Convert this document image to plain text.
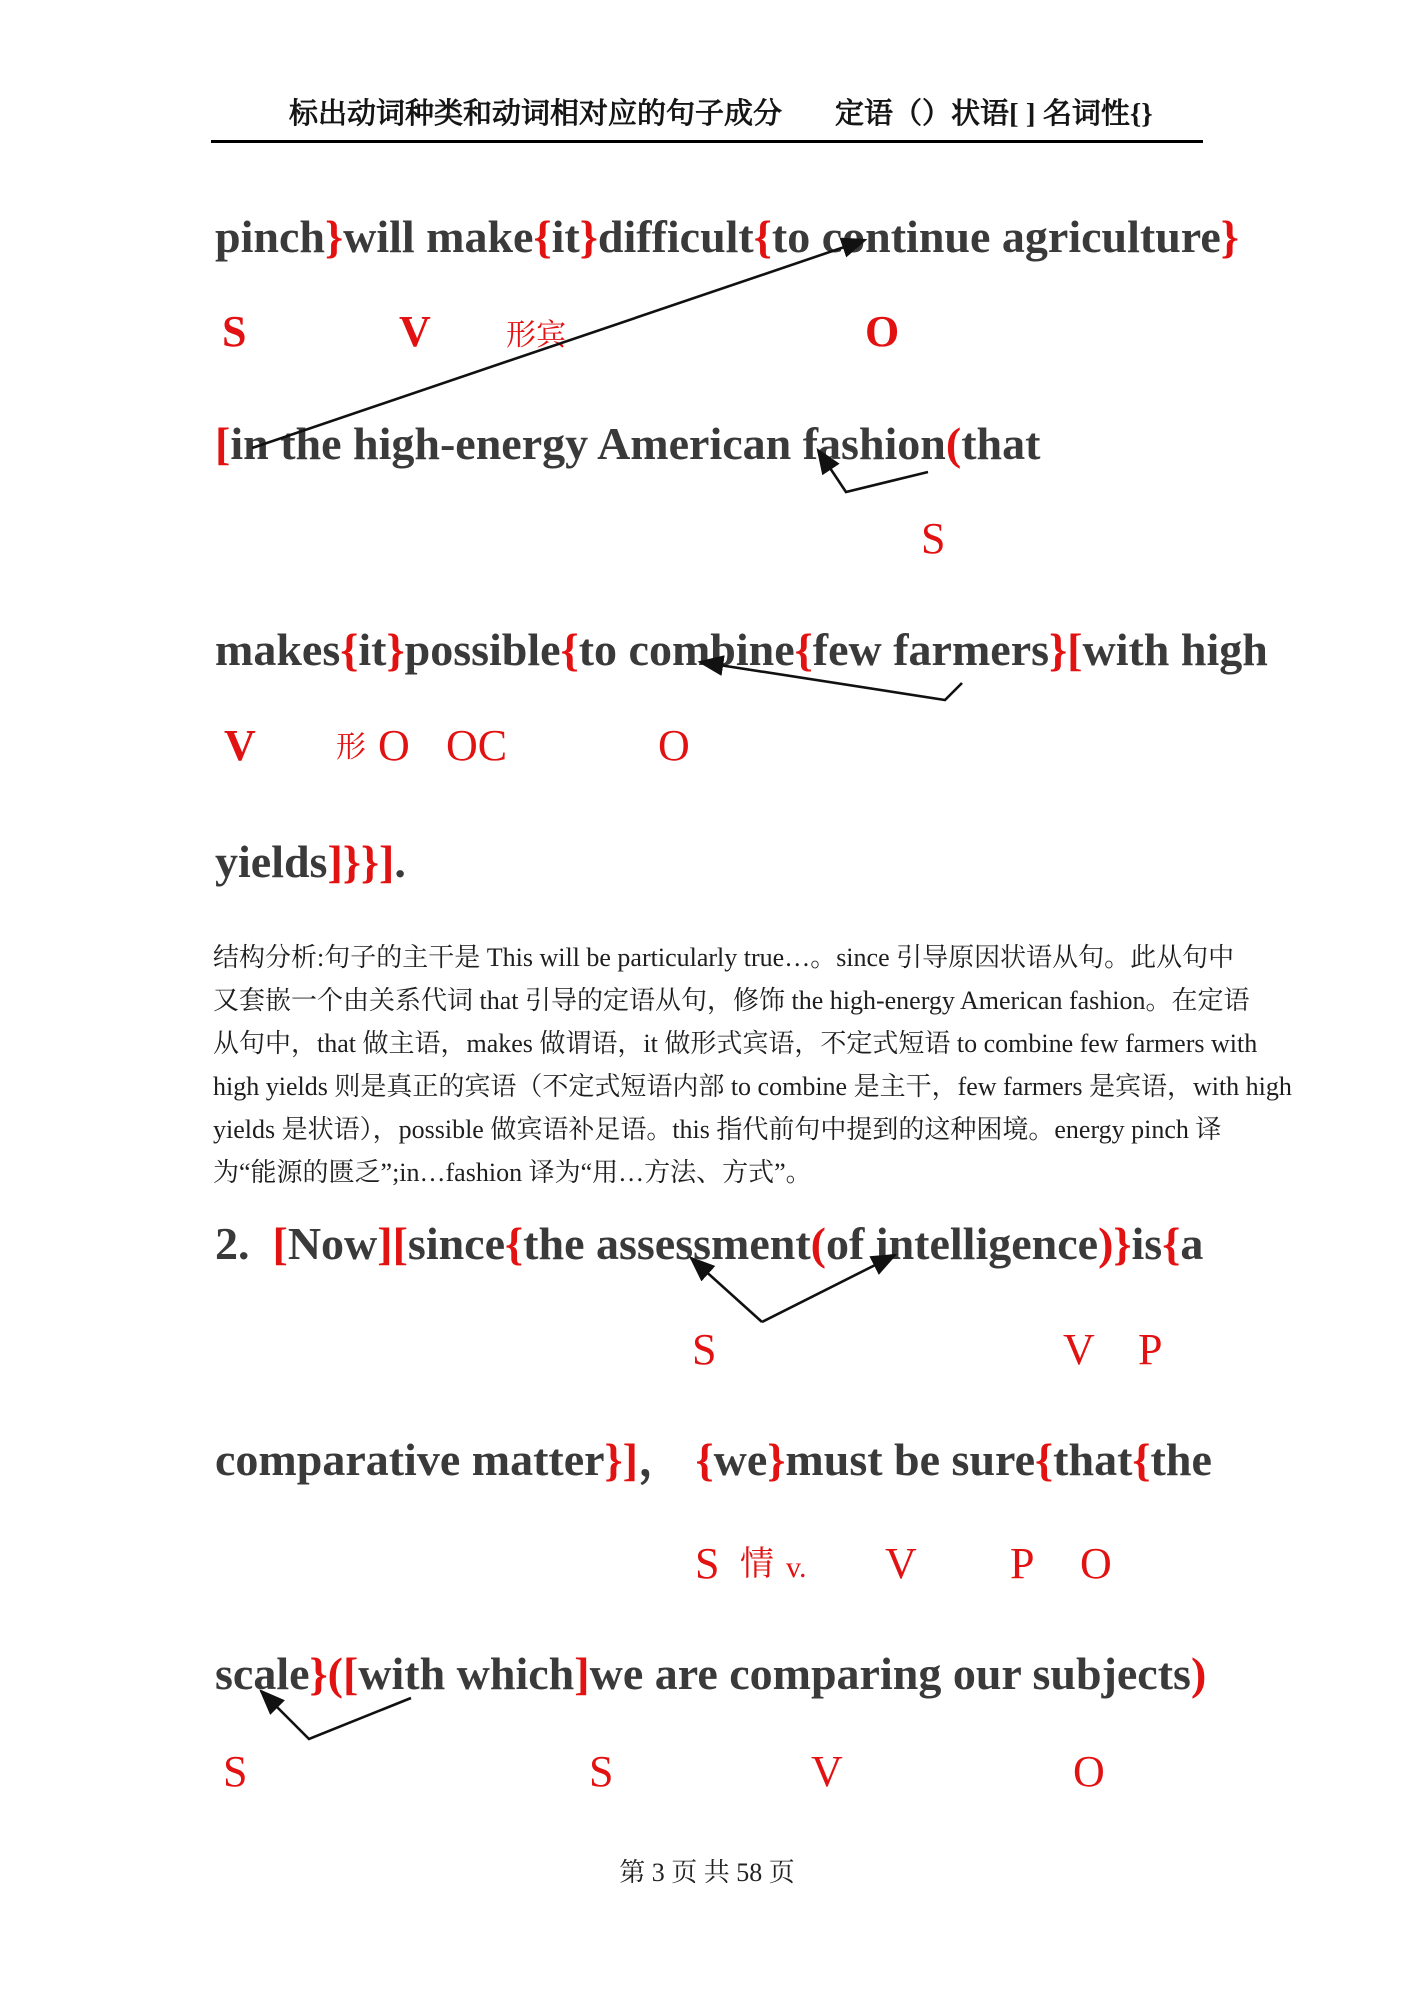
标出动词种类和动词相对应的句子成分 定语（）状语[ ] 名词性{}
pinch}will make{it}difficult{to continue agriculture}
[in the high-energy American fashion(that
makes{it}possible{to combine{few farmers}[with high
yields]}}].
2.  [Now][since{the assessment(of intelligence)}is{a
comparative matter}]， {we}must be sure{that{the
scale}([with which]we are comparing our subjects)
S	V	形宾	O
S
V	形 O OC	O
S	V P
S 情 v. V P O
S	S	V	O
结构分析:句子的主干是 This will be particularly true…。since 引导原因状语从句。此从句中
又套嵌一个由关系代词 that 引导的定语从句，修饰 the high-energy American fashion。在定语
从句中，that 做主语，makes 做谓语，it 做形式宾语，不定式短语 to combine few farmers with
high yields 则是真正的宾语（不定式短语内部 to combine 是主干，few farmers 是宾语，with high
yields 是状语），possible 做宾语补足语。this 指代前句中提到的这种困境。energy pinch 译
为“能源的匮乏”;in…fashion 译为“用…方法、方式”。
第 3 页 共 58 页
